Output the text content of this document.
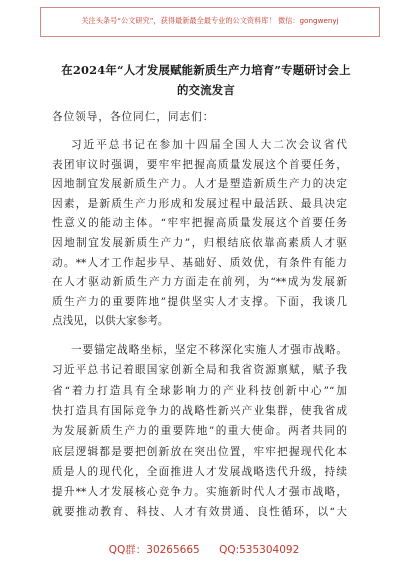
关注头条号“公文研究”，获得最新最全最专业的公文资料库！ 微信：gongwenyj
在2024年“人才发展赋能新质生产力培育”专题研讨会上
的交流发言
各位领导，各位同仁，同志们：
习近平总书记在参加十四届全国人大二次会议省代
表团审议时强调，要牢牢把握高质量发展这个首要任务，
因地制宜发展新质生产力。人才是塑造新质生产力的决定
因素，是新质生产力形成和发展过程中最活跃、最具决定
性意义的能动主体。“牢牢把握高质量发展这个首要任务
因地制宜发展新质生产力”，归根结底依靠高素质人才驱
动。**人才工作起步早、基础好、质效优，有条件有能力
在人才驱动新质生产力方面走在前列，为“**成为发展新
质生产力的重要阵地”提供坚实人才支撑。下面，我谈几
点浅见，以供大家参考。
一要锚定战略坐标，坚定不移深化实施人才强市战略。
习近平总书记着眼国家创新全局和我省资源禀赋，赋予我
省“着力打造具有全球影响力的产业科技创新中心”“加
快打造具有国际竞争力的战略性新兴产业集群，使我省成
为发展新质生产力的重要阵地”的重大使命。两者共同的
底层逻辑都是要把创新放在突出位置，牢牢把握现代化本
质是人的现代化，全面推进人才发展战略迭代升级，持续
提升**人才发展核心竞争力。实施新时代人才强市战略，
就要推动教育、科技、人才有效贯通、良性循环，以“大
QQ群：30265665 QQ:535304092
